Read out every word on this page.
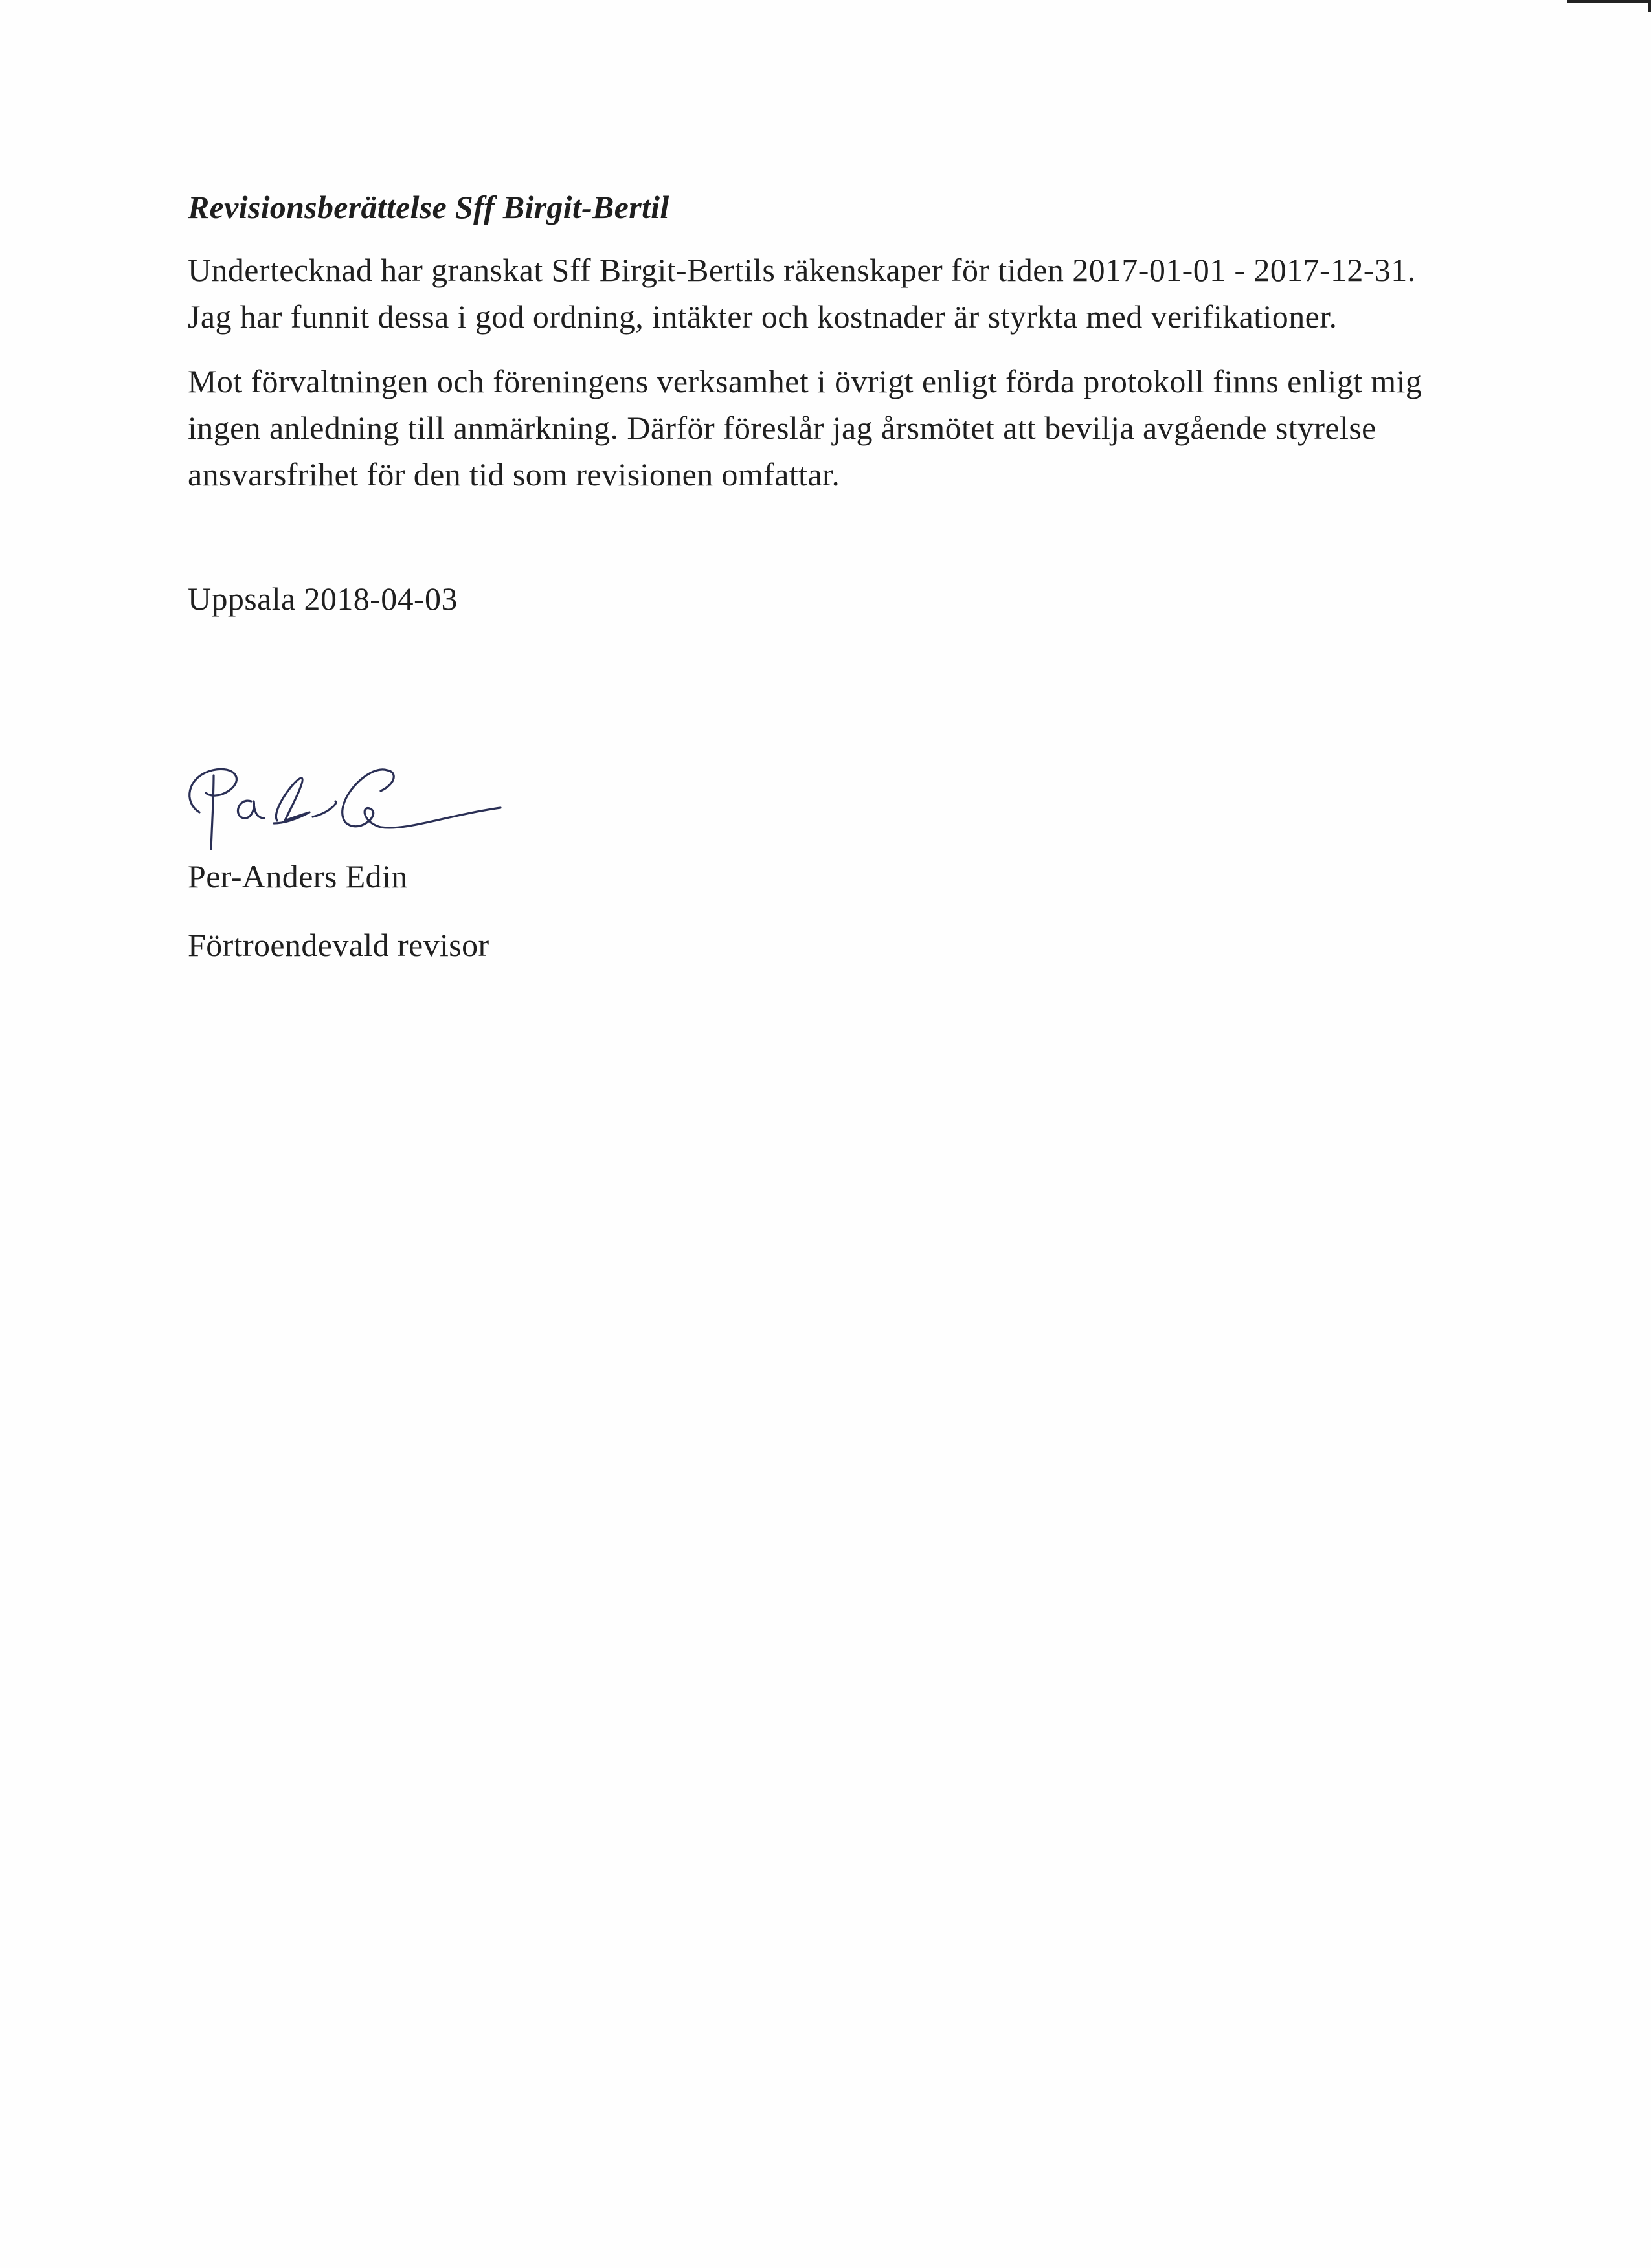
Revisionsberättelse Sff Birgit-Bertil

Undertecknad har granskat Sff Birgit-Bertils räkenskaper för tiden 2017-01-01 - 2017-12-31. Jag har funnit dessa i god ordning, intäkter och kostnader är styrkta med verifikationer.

Mot förvaltningen och föreningens verksamhet i övrigt enligt förda protokoll finns enligt mig ingen anledning till anmärkning. Därför föreslår jag årsmötet att bevilja avgående styrelse ansvarsfrihet för den tid som revisionen omfattar.

Uppsala 2018-04-03

Per-Anders Edin

Förtroendevald revisor
